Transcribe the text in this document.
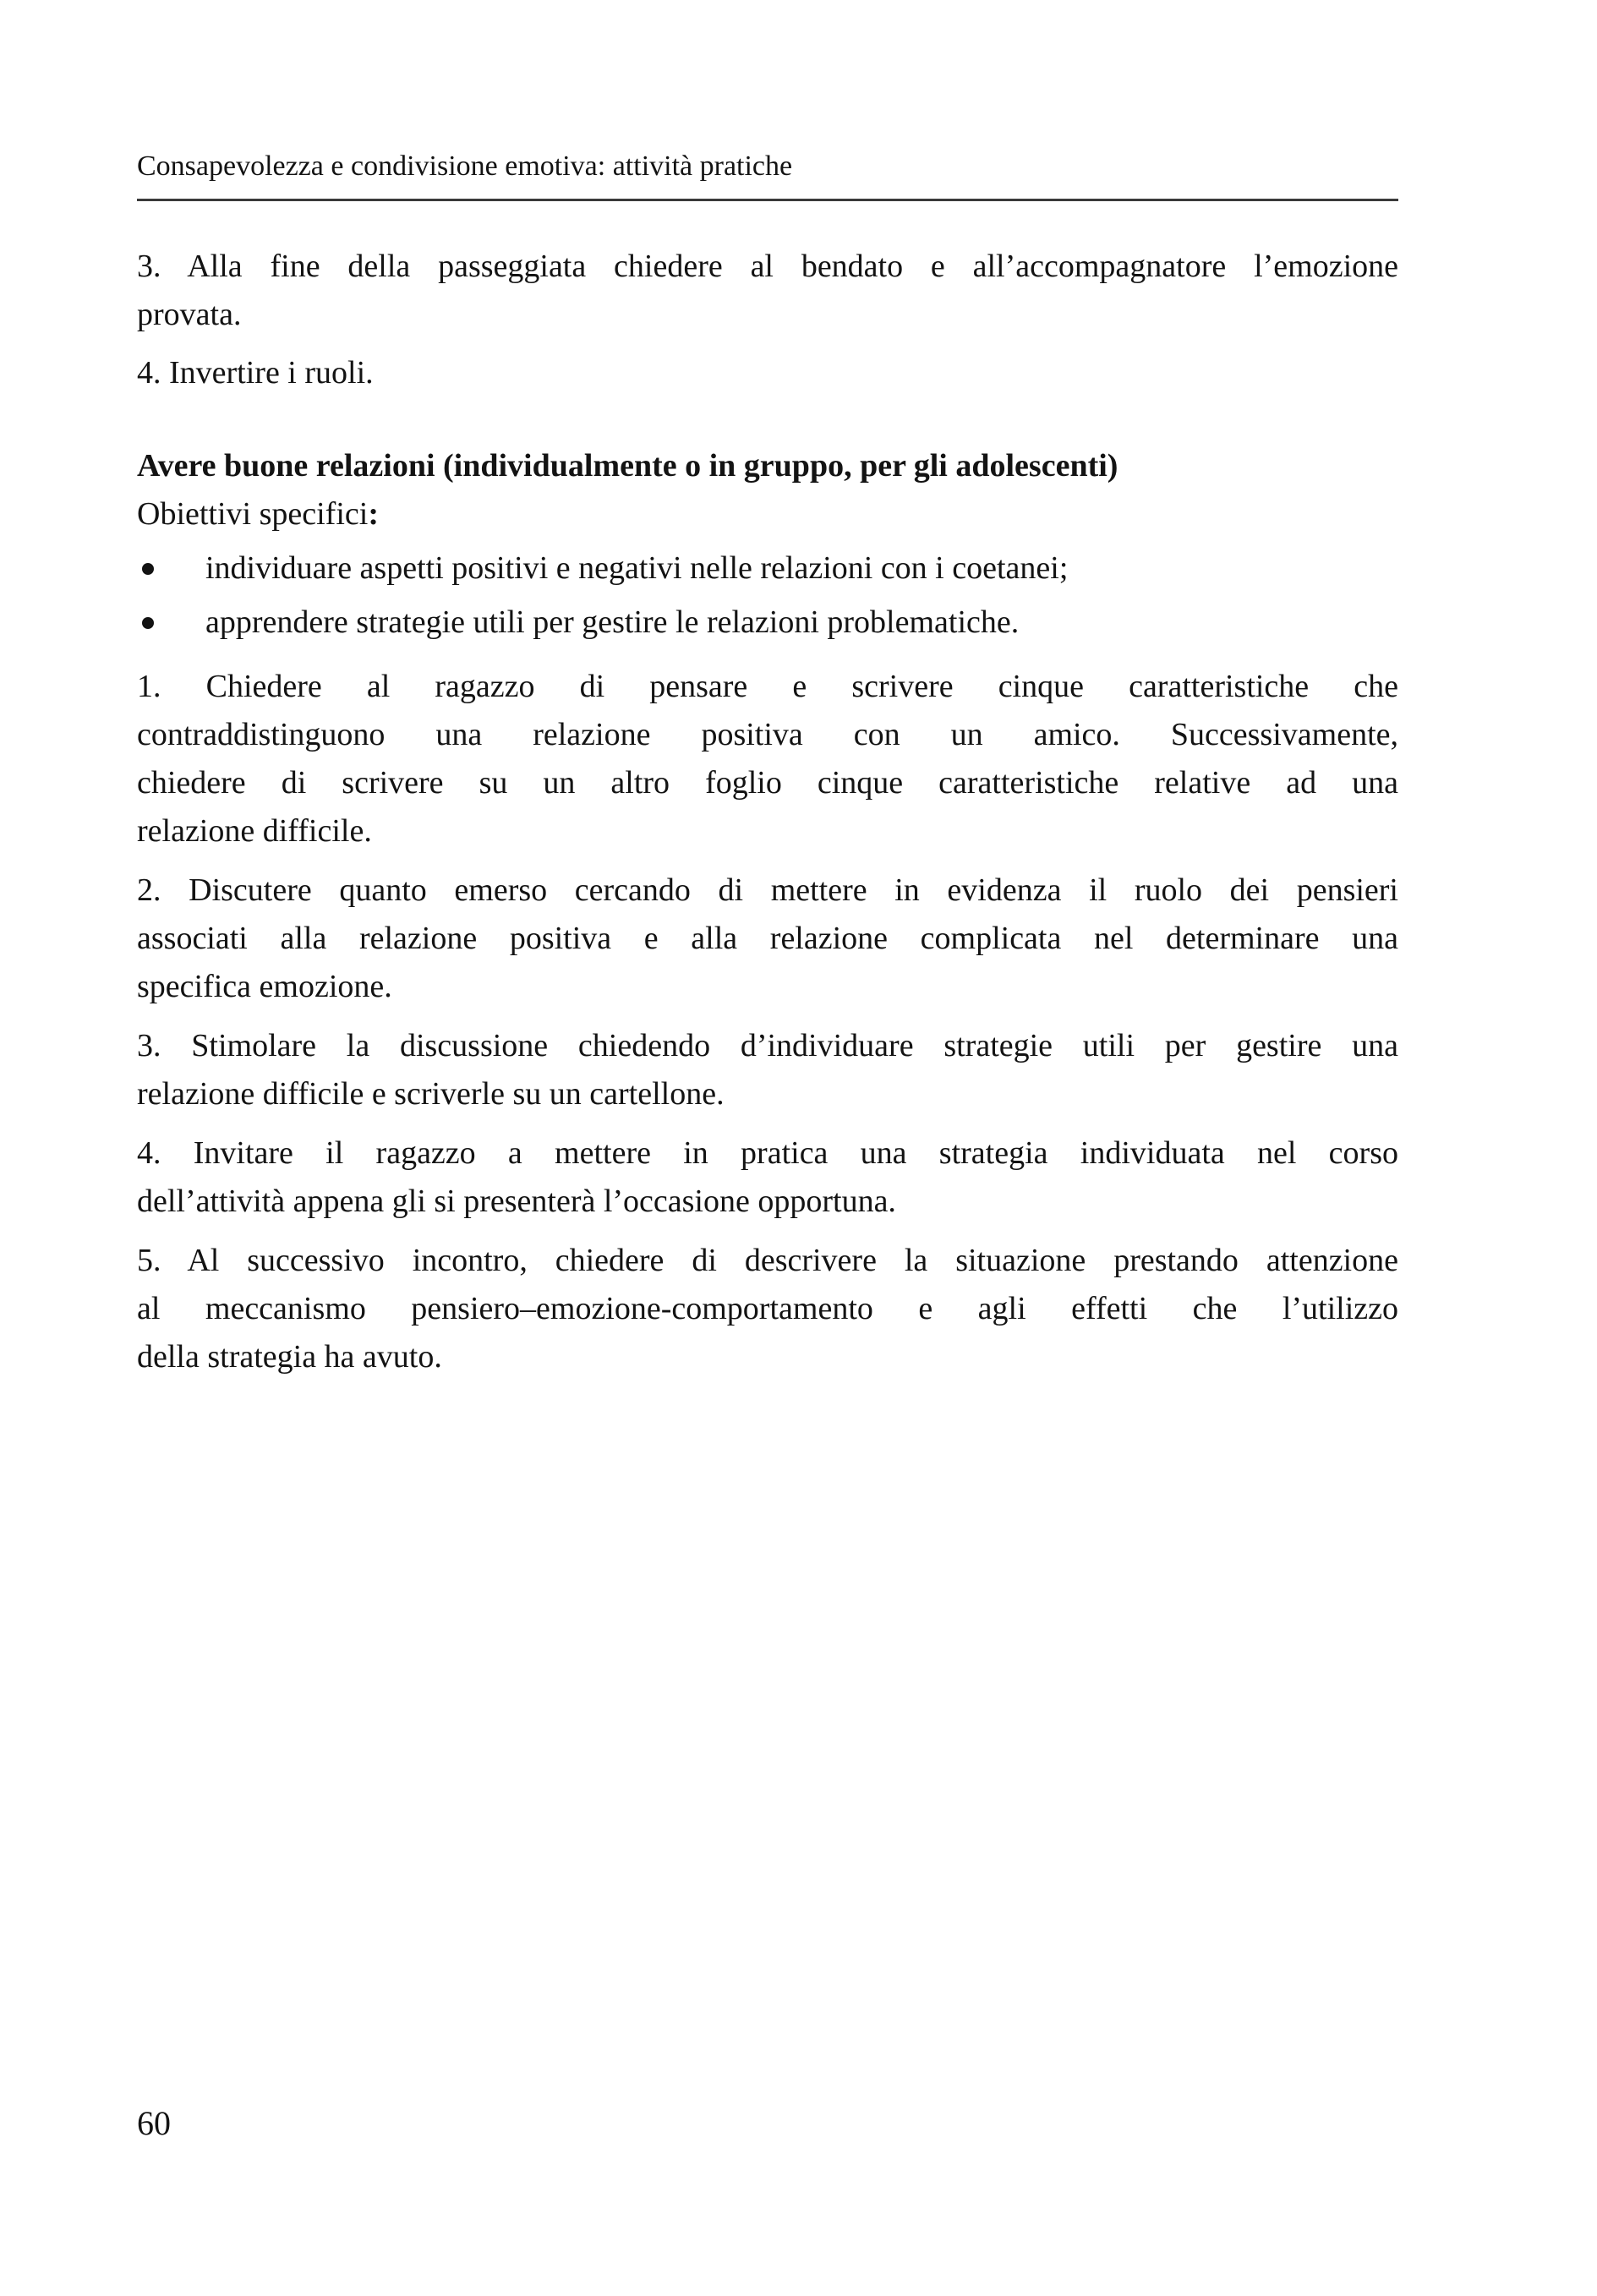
Consapevolezza e condivisione emotiva: attività pratiche
3. Alla fine della passeggiata chiedere al bendato e all’accompagnatore l’emozione
provata.
4. Invertire i ruoli.
Avere buone relazioni (individualmente o in gruppo, per gli adolescenti)
Obiettivi specifici:
individuare aspetti positivi e negativi nelle relazioni con i coetanei;
apprendere strategie utili per gestire le relazioni problematiche.
1. Chiedere al ragazzo di pensare e scrivere cinque caratteristiche che
contraddistinguono una relazione positiva con un amico. Successivamente,
chiedere di scrivere su un altro foglio cinque caratteristiche relative ad una
relazione difficile.
2. Discutere quanto emerso cercando di mettere in evidenza il ruolo dei pensieri
associati alla relazione positiva e alla relazione complicata nel determinare una
specifica emozione.
3. Stimolare la discussione chiedendo d’individuare strategie utili per gestire una
relazione difficile e scriverle su un cartellone.
4. Invitare il ragazzo a mettere in pratica una strategia individuata nel corso
dell’attività appena gli si presenterà l’occasione opportuna.
5. Al successivo incontro, chiedere di descrivere la situazione prestando attenzione
al meccanismo pensiero–emozione-comportamento e agli effetti che l’utilizzo
della strategia ha avuto.
60
